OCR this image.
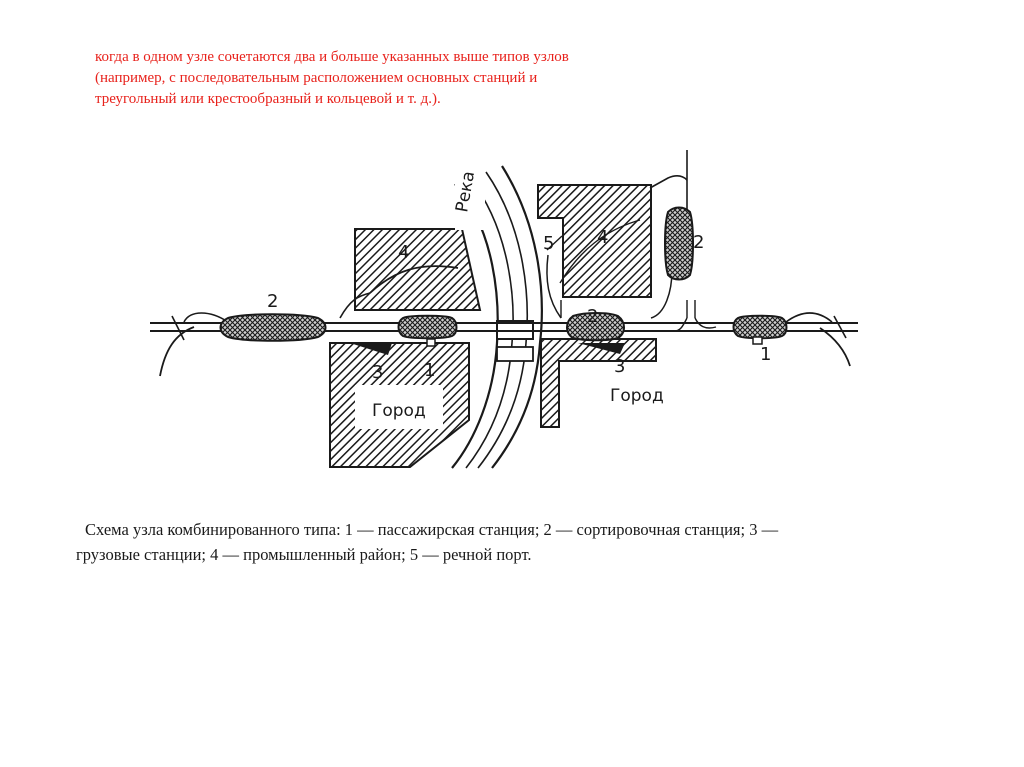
когда в одном узле сочетаются два и больше указанных выше типов узлов (например, с последовательным расположением основных станций и треугольный или крестообразный и кольцевой и т. д.).
Река
Город
Город
2
4
3 1
5 4
2
2
3
1
Схема узла комбинированного типа: 1 — пассажирская станция; 2 — сортировочная станция; 3 — грузовые станции; 4 — промышленный район; 5 — речной порт.
